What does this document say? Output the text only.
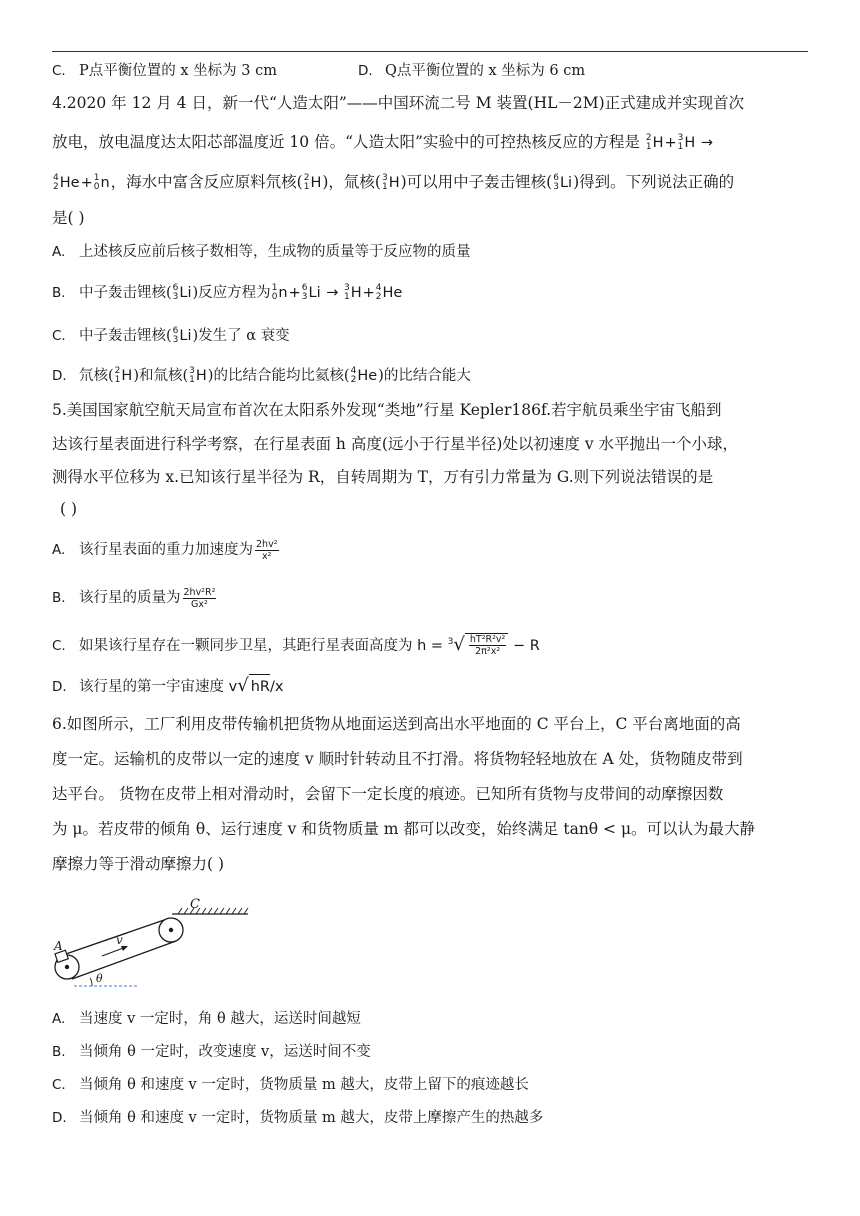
C. P点平衡位置的 x 坐标为 3 cm	D. Q点平衡位置的 x 坐标为 6 cm
4.2020 年 12 月 4 日，新一代“人造太阳”——中国环流二号 M 装置(HL－2M)正式建成并实现首次
放电，放电温度达太阳芯部温度近 10 倍。“人造太阳”实验中的可控热核反应的方程是 2
1 H + 3
1 H →
4
2 He + 1
0 n ，海水中富含反应原料氘核( 2
1 H )，氚核( 3
1 H )可以用中子轰击锂核( 6
3 Li )得到。下列说法正确的
是( )
A. 上述核反应前后核子数相等，生成物的质量等于反应物的质量
B. 中子轰击锂核( 6
3 Li )反应方程为 1
0 n + 6
3 Li → 3
1 H + 4
2 He
C. 中子轰击锂核( 6
3 Li )发生了 α 衰变
D. 氘核( 2
1 H )和氚核( 3
1 H )的比结合能均比氦核( 4
2 He )的比结合能大
5.美国国家航空航天局宣布首次在太阳系外发现“类地”行星 Kepler186f.若宇航员乘坐宇宙飞船到
达该行星表面进行科学考察，在行星表面 h 高度(远小于行星半径)处以初速度 v 水平抛出一个小球，
测得水平位移为 x.已知该行星半径为 R，自转周期为 T，万有引力常量为 G.则下列说法错误的是
( )
A. 该行星表面的重力加速度为 $\frac{\text{2hv²}}{\text{x²}}$
B. 该行星的质量为 $\frac{\text{2hv²R²}}{\text{Gx²}}$
C. 如果该行星存在一颗同步卫星，其距行星表面高度为 $h = ^3√ \frac{\text{hT²R²v²}}{\text{2π²x²}} - R$
D. 该行星的第一宇宙速度 v√ hR/x
6.如图所示，工厂利用皮带传输机把货物从地面运送到高出水平地面的 C 平台上，C 平台离地面的高
度一定。运输机的皮带以一定的速度 v 顺时针转动且不打滑。将货物轻轻地放在 A 处，货物随皮带到
达平台。 货物在皮带上相对滑动时，会留下一定长度的痕迹。已知所有货物与皮带间的动摩擦因数
为 μ。若皮带的倾角 θ、运行速度 v 和货物质量 m 都可以改变，始终满足 tanθ < μ。可以认为最大静
摩擦力等于滑动摩擦力( )
C
A	v
θ
A. 当速度 v 一定时，角 θ 越大，运送时间越短
B. 当倾角 θ 一定时，改变速度 v，运送时间不变
C. 当倾角 θ 和速度 v 一定时，货物质量 m 越大，皮带上留下的痕迹越长
D. 当倾角 θ 和速度 v 一定时，货物质量 m 越大，皮带上摩擦产生的热越多
